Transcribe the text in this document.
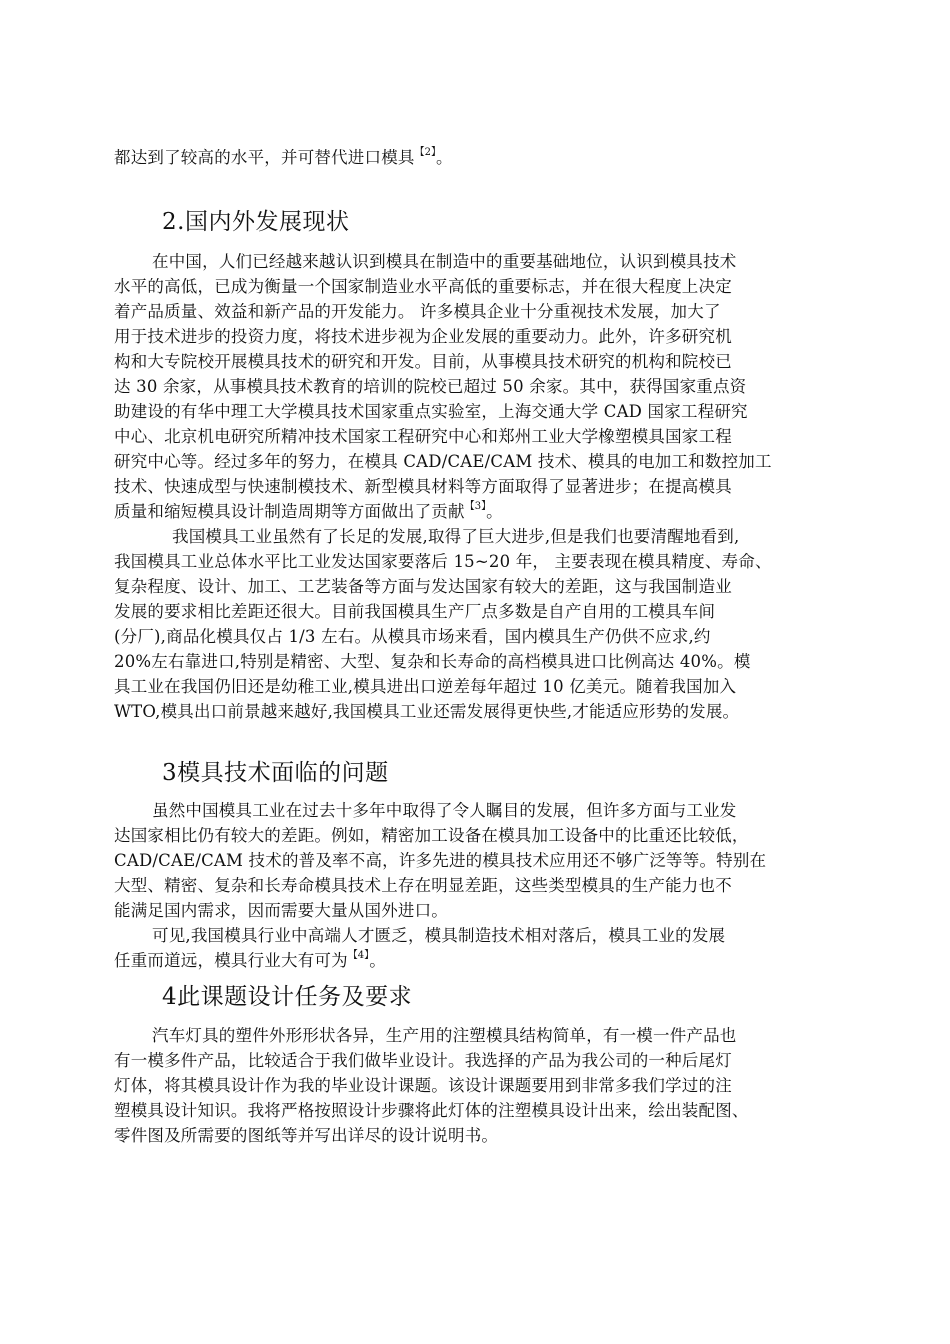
都达到了较高的水平，并可替代进口模具$^{【2】}$。
2.国内外发展现状
在中国，人们已经越来越认识到模具在制造中的重要基础地位，认识到模具技术
水平的高低，已成为衡量一个国家制造业水平高低的重要标志，并在很大程度上决定
着产品质量、效益和新产品的开发能力。 许多模具企业十分重视技术发展，加大了
用于技术进步的投资力度，将技术进步视为企业发展的重要动力。此外，许多研究机
构和大专院校开展模具技术的研究和开发。目前，从事模具技术研究的机构和院校已
达 30 余家，从事模具技术教育的培训的院校已超过 50 余家。其中，获得国家重点资
助建设的有华中理工大学模具技术国家重点实验室，上海交通大学 CAD 国家工程研究
中心、北京机电研究所精冲技术国家工程研究中心和郑州工业大学橡塑模具国家工程
研究中心等。经过多年的努力，在模具 CAD/CAE/CAM 技术、模具的电加工和数控加工
技术、快速成型与快速制模技术、新型模具材料等方面取得了显著进步；在提高模具
质量和缩短模具设计制造周期等方面做出了贡献$^{【3】}$。
我国模具工业虽然有了长足的发展,取得了巨大进步,但是我们也要清醒地看到,
我国模具工业总体水平比工业发达国家要落后 15~20 年， 主要表现在模具精度、寿命、
复杂程度、设计、加工、工艺装备等方面与发达国家有较大的差距，这与我国制造业
发展的要求相比差距还很大。目前我国模具生产厂点多数是自产自用的工模具车间
(分厂),商品化模具仅占 1/3 左右。从模具市场来看，国内模具生产仍供不应求,约
20%左右靠进口,特别是精密、大型、复杂和长寿命的高档模具进口比例高达 40%。模
具工业在我国仍旧还是幼稚工业,模具进出口逆差每年超过 10 亿美元。随着我国加入
WTO,模具出口前景越来越好,我国模具工业还需发展得更快些,才能适应形势的发展。
3模具技术面临的问题
虽然中国模具工业在过去十多年中取得了令人瞩目的发展，但许多方面与工业发
达国家相比仍有较大的差距。例如，精密加工设备在模具加工设备中的比重还比较低，
CAD/CAE/CAM 技术的普及率不高，许多先进的模具技术应用还不够广泛等等。特别在
大型、精密、复杂和长寿命模具技术上存在明显差距，这些类型模具的生产能力也不
能满足国内需求，因而需要大量从国外进口。
可见,我国模具行业中高端人才匮乏，模具制造技术相对落后，模具工业的发展
任重而道远，模具行业大有可为$^{【4】}$。
4此课题设计任务及要求
汽车灯具的塑件外形形状各异，生产用的注塑模具结构简单，有一模一件产品也
有一模多件产品，比较适合于我们做毕业设计。我选择的产品为我公司的一种后尾灯
灯体，将其模具设计作为我的毕业设计课题。该设计课题要用到非常多我们学过的注
塑模具设计知识。我将严格按照设计步骤将此灯体的注塑模具设计出来，绘出装配图、
零件图及所需要的图纸等并写出详尽的设计说明书。
